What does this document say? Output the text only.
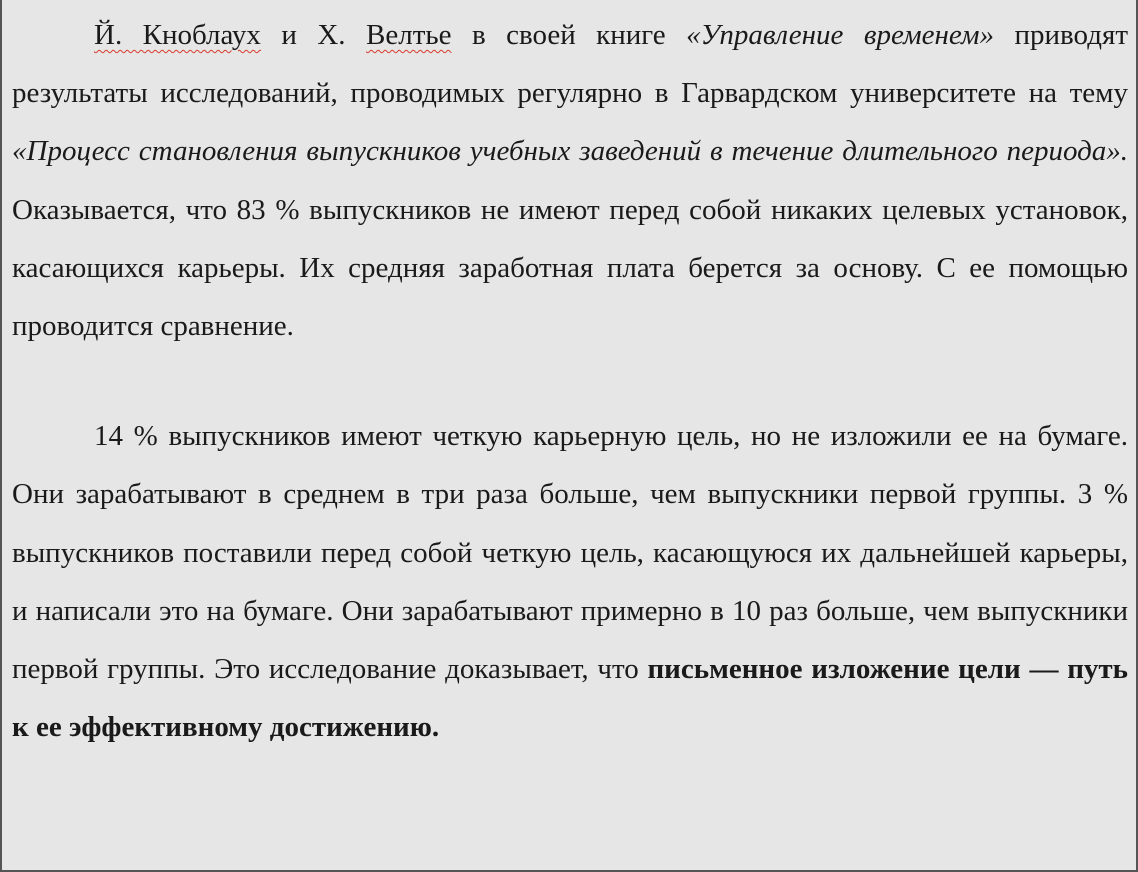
Й. Кноблаух и Х. Велтье в своей книге «Управление временем» приводят результаты исследований, проводимых регулярно в Гарвардском университете на тему «Процесс становления выпускников учебных заведений в течение длительного периода». Оказывается, что 83 % выпускников не имеют перед собой никаких целевых установок, касающихся карьеры. Их средняя заработная плата берется за основу. С ее помощью проводится сравнение.

14 % выпускников имеют четкую карьерную цель, но не изложили ее на бумаге. Они зарабатывают в среднем в три раза больше, чем выпускники первой группы. 3 % выпускников поставили перед собой четкую цель, касающуюся их дальнейшей карьеры, и написали это на бумаге. Они зарабатывают примерно в 10 раз больше, чем выпускники первой группы. Это исследование доказывает, что письменное изложение цели — путь к ее эффективному достижению.
